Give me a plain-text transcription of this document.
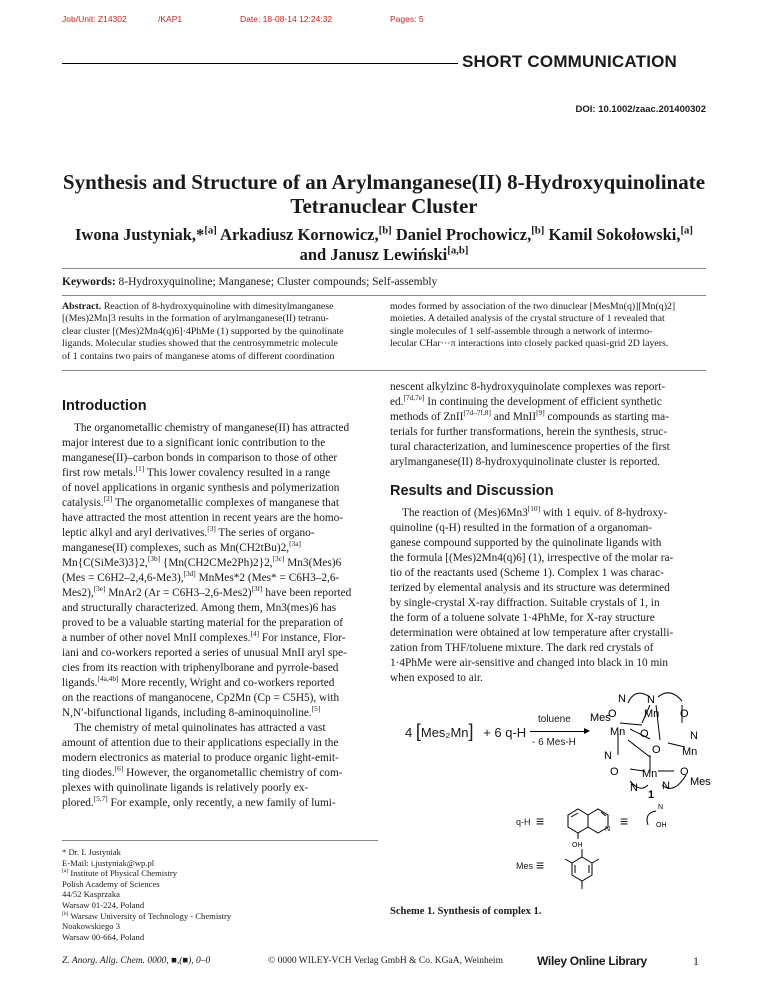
Job/Unit: Z14302	/KAP1	Date: 18-08-14 12:24:32	Pages: 5
SHORT COMMUNICATION
DOI: 10.1002/zaac.201400302
Synthesis and Structure of an Arylmanganese(II) 8-Hydroxyquinolinate
Tetranuclear Cluster
Iwona Justyniak,*[a] Arkadiusz Kornowicz,[b] Daniel Prochowicz,[b] Kamil Sokołowski,[a]
and Janusz Lewiński[a,b]
Keywords: 8-Hydroxyquinoline; Manganese; Cluster compounds; Self-assembly
Abstract. Reaction of 8-hydroxyquinoline with dimesitylmanganese
[(Mes)2Mn]3 results in the formation of arylmanganese(II) tetranu-
clear cluster [(Mes)2Mn4(q)6]·4PhMe (1) supported by the quinolinate
ligands. Molecular studies showed that the centrosymmetric molecule
of 1 contains two pairs of manganese atoms of different coordination
modes formed by association of the two dinuclear [MesMn(q)][Mn(q)2]
moieties. A detailed analysis of the crystal structure of 1 revealed that
single molecules of 1 self-assemble through a network of intermo-
lecular CHar···π interactions into closely packed quasi-grid 2D layers.
Introduction
The organometallic chemistry of manganese(II) has attracted
major interest due to a significant ionic contribution to the
manganese(II)–carbon bonds in comparison to those of other
first row metals.[1] This lower covalency resulted in a range
of novel applications in organic synthesis and polymerization
catalysis.[2] The organometallic complexes of manganese that
have attracted the most attention in recent years are the homo-
leptic alkyl and aryl derivatives.[3] The series of organo-
manganese(II) complexes, such as Mn(CH2tBu)2,[3a]
Mn{C(SiMe3)3}2,[3b] {Mn(CH2CMe2Ph)2}2,[3c] Mn3(Mes)6
(Mes = C6H2–2,4,6-Me3),[3d] MnMes*2 (Mes* = C6H3–2,6-
Mes2),[3e] MnAr2 (Ar = C6H3–2,6-Mes2)[3f] have been reported
and structurally characterized. Among them, Mn3(mes)6 has
proved to be a valuable starting material for the preparation of
a number of other novel MnII complexes.[4] For instance, Flor-
iani and co-workers reported a series of unusual MnII aryl spe-
cies from its reaction with triphenylborane and pyrrole-based
ligands.[4a,4b] More recently, Wright and co-workers reported
on the reactions of manganocene, Cp2Mn (Cp = C5H5), with
N,N′-bifunctional ligands, including 8-aminoquinoline.[5]
The chemistry of metal quinolinates has attracted a vast
amount of attention due to their applications especially in the
modern electronics as material to produce organic light-emit-
ting diodes.[6] However, the organometallic chemistry of com-
plexes with quinolinate ligands is relatively poorly ex-
plored.[5,7] For example, only recently, a new family of lumi-
nescent alkylzinc 8-hydroxyquinolate complexes was report-
ed.[7d,7e] In continuing the development of efficient synthetic
methods of ZnII[7d–7f,8] and MnII[9] compounds as starting ma-
terials for further transformations, herein the synthesis, struc-
tural characterization, and luminescence properties of the first
arylmanganese(II) 8-hydroxyquinolinate cluster is reported.
Results and Discussion
The reaction of (Mes)6Mn3[10] with 1 equiv. of 8-hydroxy-
quinoline (q-H) resulted in the formation of a organoman-
ganese compound supported by the quinolinate ligands with
the formula [(Mes)2Mn4(q)6] (1), irrespective of the molar ra-
tio of the reactants used (Scheme 1). Complex 1 was charac-
terized by elemental analysis and its structure was determined
by single-crystal X-ray diffraction. Suitable crystals of 1, in
the form of a toluene solvate 1·4PhMe, for X-ray structure
determination were obtained at low temperature after crystalli-
zation from THF/toluene mixture. The dark red crystals of
1·4PhMe were air-sensitive and changed into black in 10 min
when exposed to air.
4 [Mes₂Mn] + 6 q-H
toluene
- 6 Mes-H
Mes
N N
O Mn O
Mn O	N
O Mn
N
O Mn O
Mes
N N
1
q-H ≡
N
OH
≡
N
OH
Mes ≡
Scheme 1. Synthesis of complex 1.
* Dr. I. Justyniak
E-Mail: i.justyniak@wp.pl
[a] Institute of Physical Chemistry
Polish Academy of Sciences
44/52 Kasprzaka
Warsaw 01-224, Poland
[b] Warsaw University of Technology - Chemistry
Noakowskiego 3
Warsaw 00-664, Poland
Z. Anorg. Allg. Chem. 0000, ■,(■), 0–0	© 0000 WILEY-VCH Verlag GmbH & Co. KGaA, Weinheim	Wiley Online Library	1
